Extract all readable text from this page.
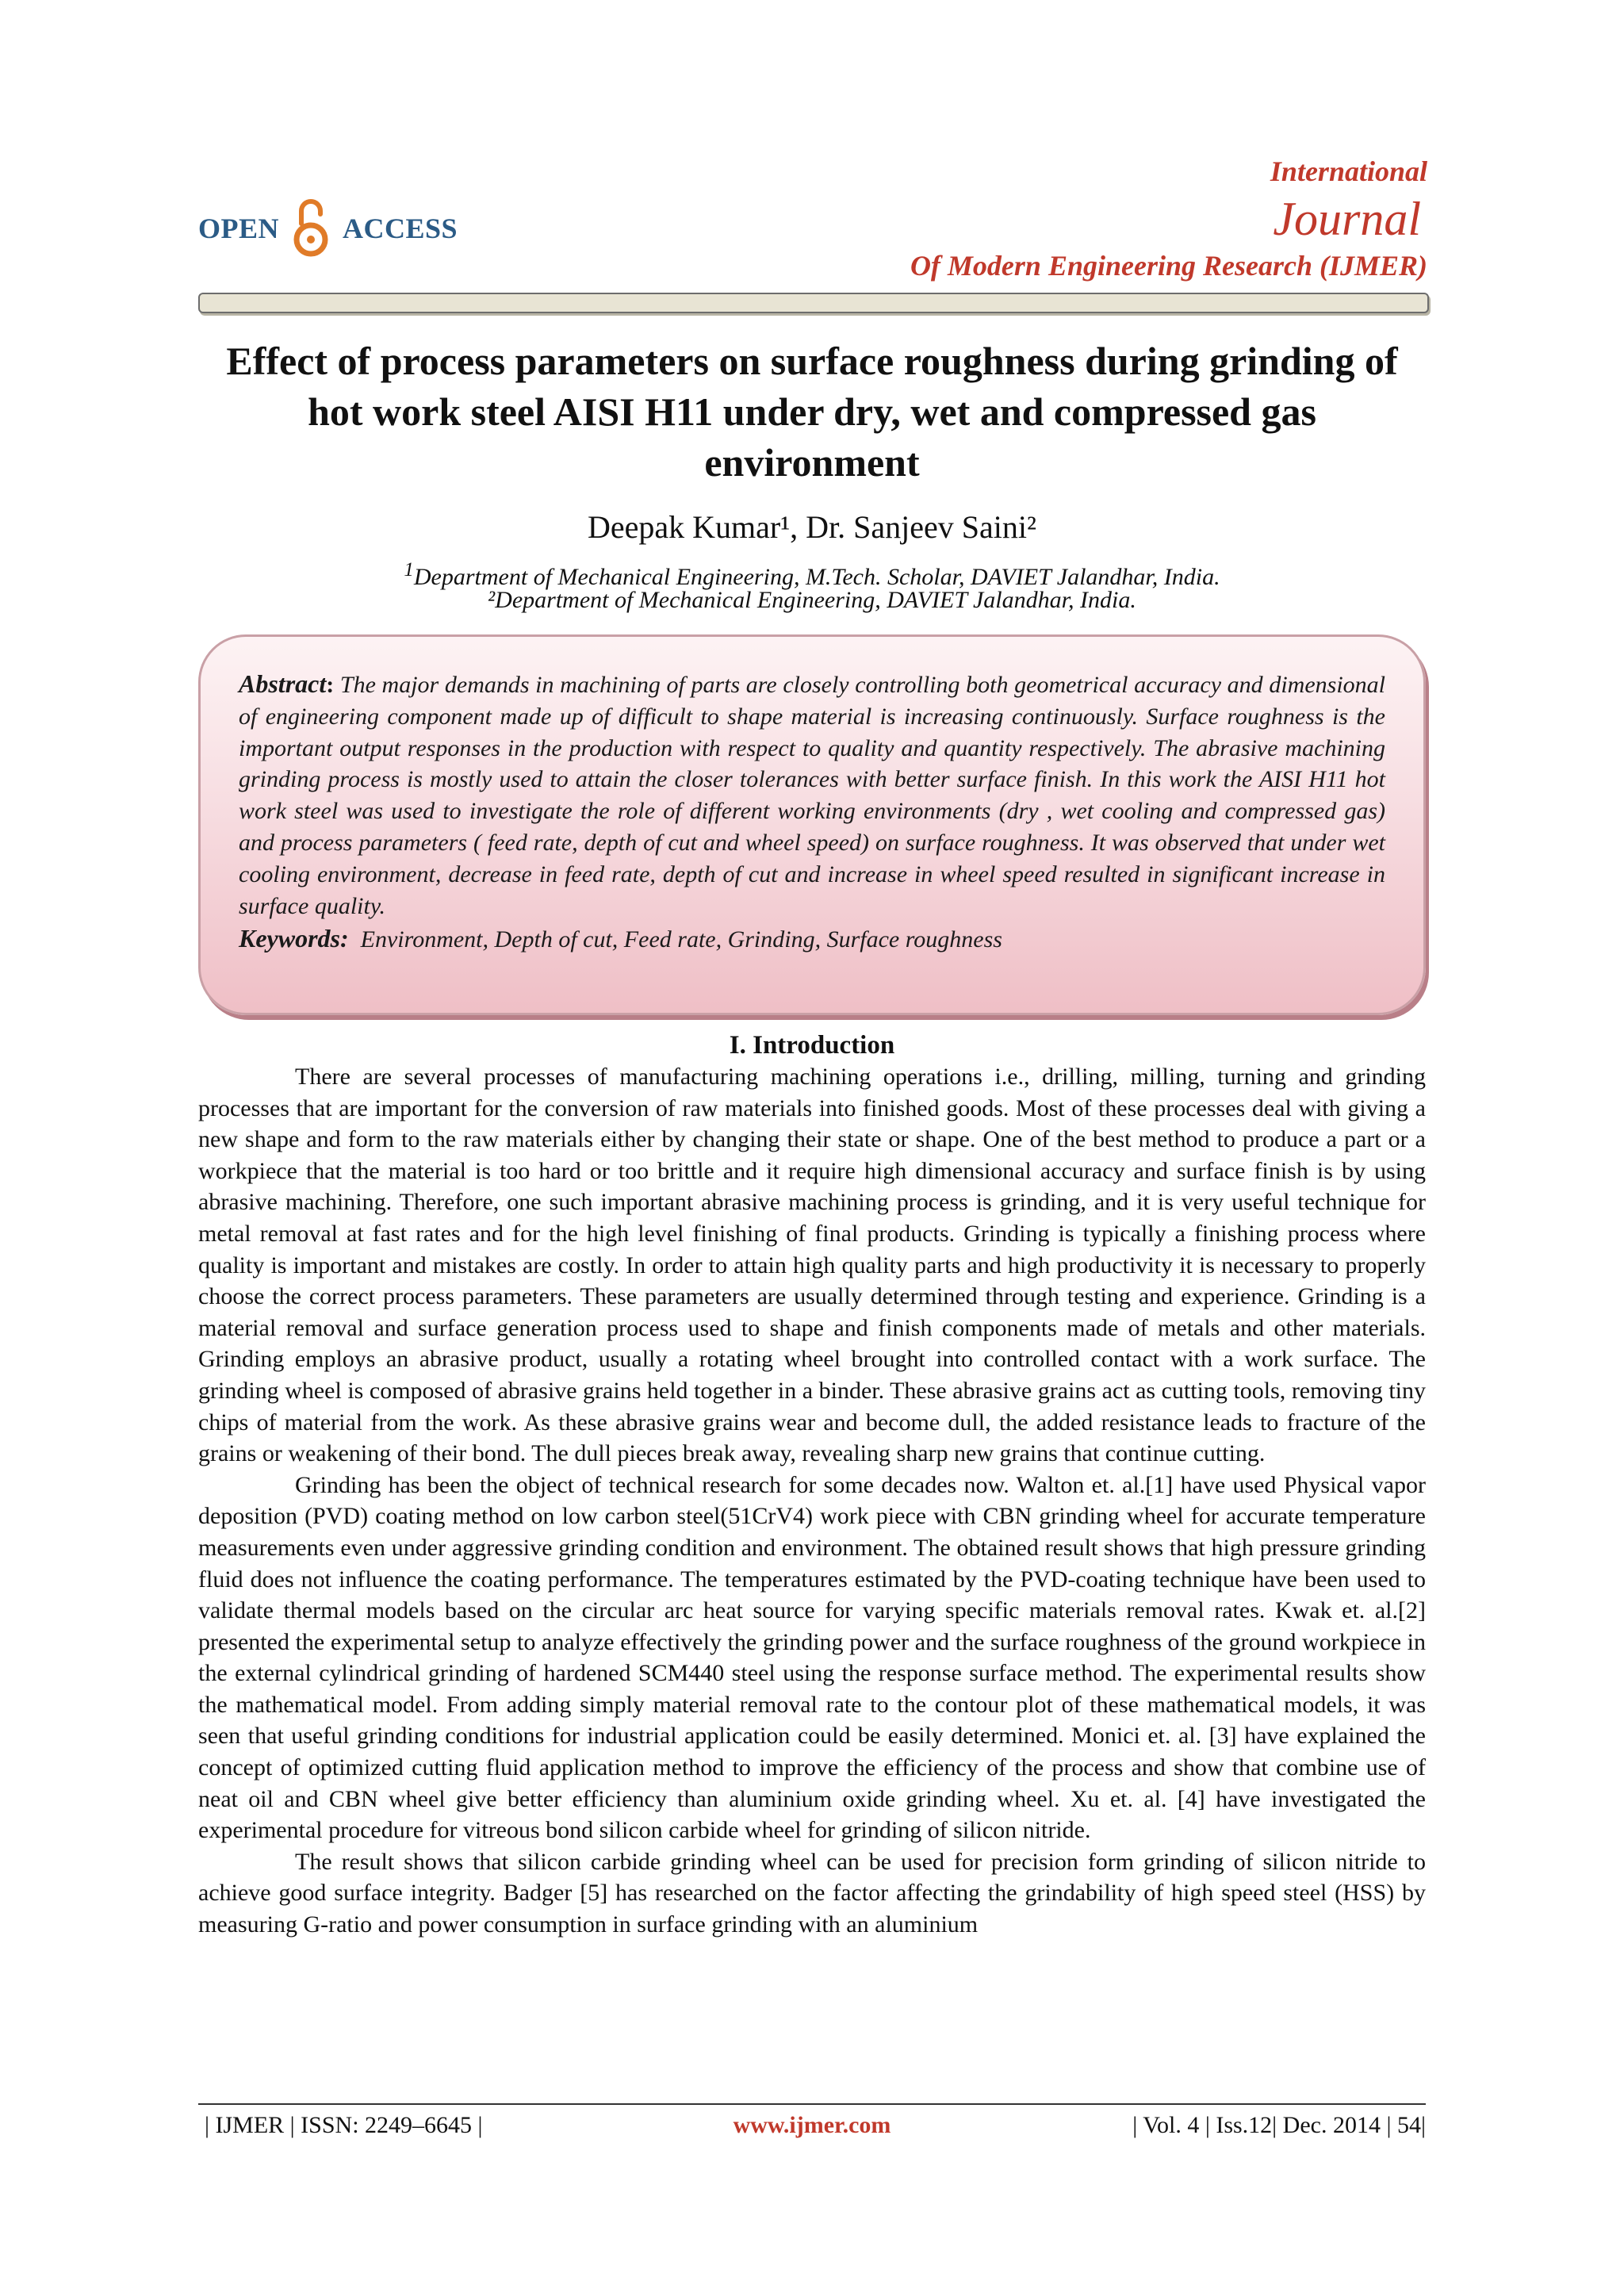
OPEN ACCESS
International
Journal
Of Modern Engineering Research (IJMER)
Effect of process parameters on surface roughness during grinding of hot work steel AISI H11 under dry, wet and compressed gas environment
Deepak Kumar¹, Dr. Sanjeev Saini²
$^1$Department of Mechanical Engineering, M.Tech. Scholar, DAVIET Jalandhar, India.
²Department of Mechanical Engineering, DAVIET Jalandhar, India.
Abstract: The major demands in machining of parts are closely controlling both geometrical accuracy and dimensional of engineering component made up of difficult to shape material is increasing continuously. Surface roughness is the important output responses in the production with respect to quality and quantity respectively. The abrasive machining grinding process is mostly used to attain the closer tolerances with better surface finish. In this work the AISI H11 hot work steel was used to investigate the role of different working environments (dry , wet cooling and compressed gas) and process parameters ( feed rate, depth of cut and wheel speed) on surface roughness. It was observed that under wet cooling environment, decrease in feed rate, depth of cut and increase in wheel speed resulted in significant increase in surface quality.
Keywords: Environment, Depth of cut, Feed rate, Grinding, Surface roughness
I. Introduction

There are several processes of manufacturing machining operations i.e., drilling, milling, turning and grinding processes that are important for the conversion of raw materials into finished goods. Most of these processes deal with giving a new shape and form to the raw materials either by changing their state or shape. One of the best method to produce a part or a workpiece that the material is too hard or too brittle and it require high dimensional accuracy and surface finish is by using abrasive machining. Therefore, one such important abrasive machining process is grinding, and it is very useful technique for metal removal at fast rates and for the high level finishing of final products. Grinding is typically a finishing process where quality is important and mistakes are costly. In order to attain high quality parts and high productivity it is necessary to properly choose the correct process parameters. These parameters are usually determined through testing and experience. Grinding is a material removal and surface generation process used to shape and finish components made of metals and other materials. Grinding employs an abrasive product, usually a rotating wheel brought into controlled contact with a work surface. The grinding wheel is composed of abrasive grains held together in a binder. These abrasive grains act as cutting tools, removing tiny chips of material from the work. As these abrasive grains wear and become dull, the added resistance leads to fracture of the grains or weakening of their bond. The dull pieces break away, revealing sharp new grains that continue cutting.

Grinding has been the object of technical research for some decades now. Walton et. al.[1] have used Physical vapor deposition (PVD) coating method on low carbon steel(51CrV4) work piece with CBN grinding wheel for accurate temperature measurements even under aggressive grinding condition and environment. The obtained result shows that high pressure grinding fluid does not influence the coating performance. The temperatures estimated by the PVD-coating technique have been used to validate thermal models based on the circular arc heat source for varying specific materials removal rates. Kwak et. al.[2] presented the experimental setup to analyze effectively the grinding power and the surface roughness of the ground workpiece in the external cylindrical grinding of hardened SCM440 steel using the response surface method. The experimental results show the mathematical model. From adding simply material removal rate to the contour plot of these mathematical models, it was seen that useful grinding conditions for industrial application could be easily determined. Monici et. al. [3] have explained the concept of optimized cutting fluid application method to improve the efficiency of the process and show that combine use of neat oil and CBN wheel give better efficiency than aluminium oxide grinding wheel. Xu et. al. [4] have investigated the experimental procedure for vitreous bond silicon carbide wheel for grinding of silicon nitride.

The result shows that silicon carbide grinding wheel can be used for precision form grinding of silicon nitride to achieve good surface integrity. Badger [5] has researched on the factor affecting the grindability of high speed steel (HSS) by measuring G-ratio and power consumption in surface grinding with an aluminium

| IJMER | ISSN: 2249–6645 |	www.ijmer.com	| Vol. 4 | Iss.12| Dec. 2014 | 54|
